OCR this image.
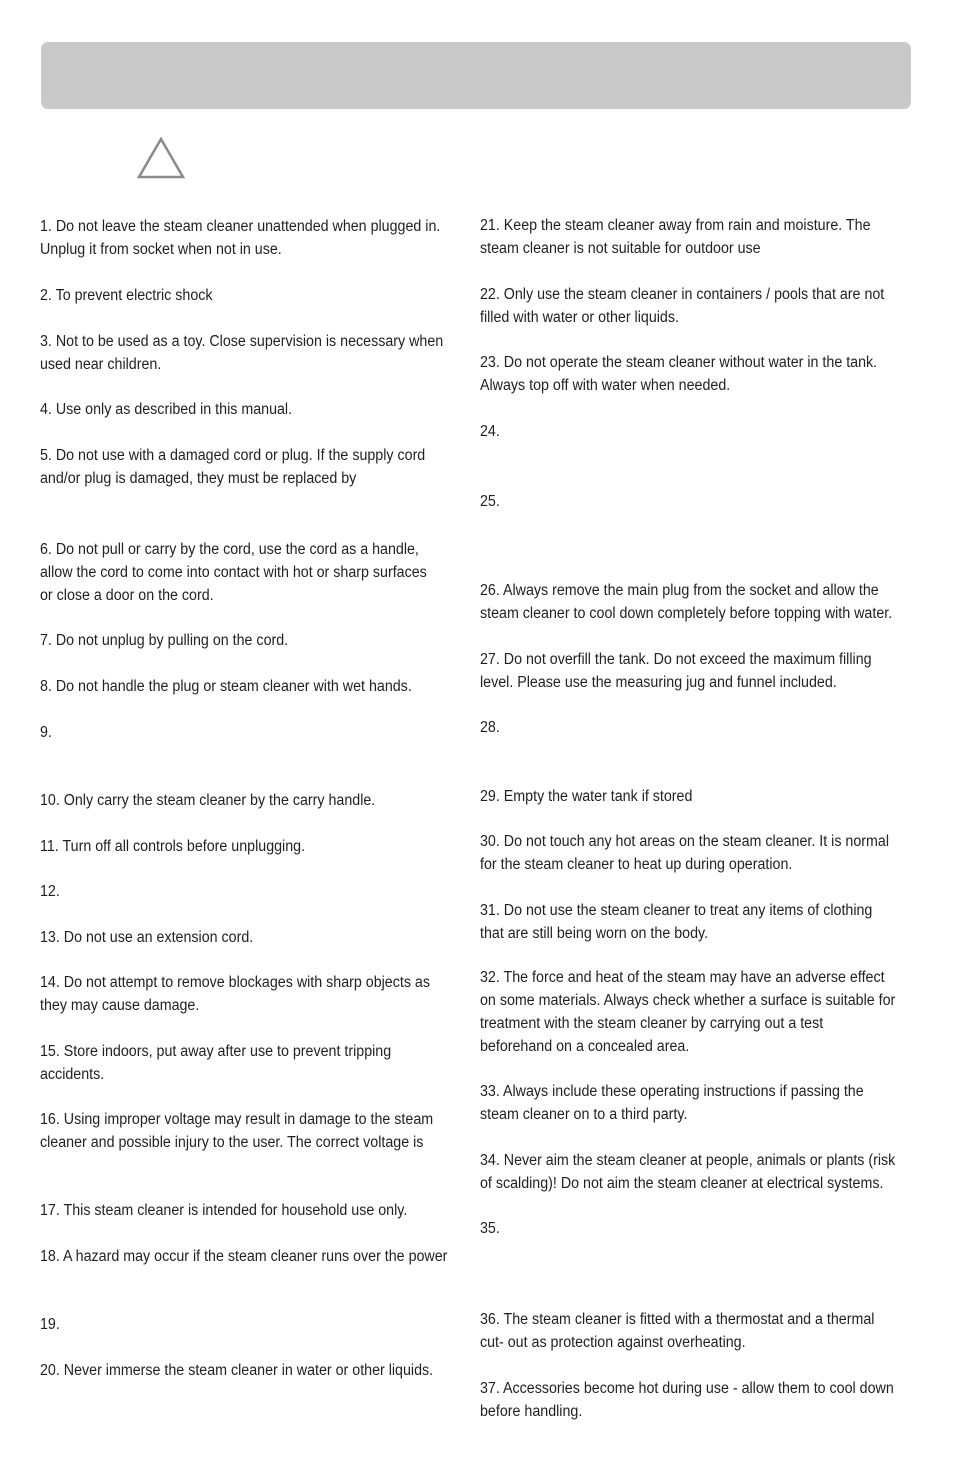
1. Do not leave the steam cleaner unattended when plugged in.
Unplug it from socket when not in use.
2. To prevent electric shock
3. Not to be used as a toy. Close supervision is necessary when
used near children.
4. Use only as described in this manual.
5. Do not use with a damaged cord or plug. If the supply cord
and/or plug is damaged, they must be replaced by
6. Do not pull or carry by the cord, use the cord as a handle,
allow the cord to come into contact with hot or sharp surfaces
or close a door on the cord.
7. Do not unplug by pulling on the cord.
8. Do not handle the plug or steam cleaner with wet hands.
9.
10. Only carry the steam cleaner by the carry handle.
11. Turn off all controls before unplugging.
12.
13. Do not use an extension cord.
14. Do not attempt to remove blockages with sharp objects as
they may cause damage.
15. Store indoors, put away after use to prevent tripping
accidents.
16. Using improper voltage may result in damage to the steam
cleaner and possible injury to the user. The correct voltage is
17. This steam cleaner is intended for household use only.
18. A hazard may occur if the steam cleaner runs over the power
19.
20. Never immerse the steam cleaner in water or other liquids.
21. Keep the steam cleaner away from rain and moisture. The
steam cleaner is not suitable for outdoor use
22. Only use the steam cleaner in containers / pools that are not
filled with water or other liquids.
23. Do not operate the steam cleaner without water in the tank.
Always top off with water when needed.
24.
25.
26. Always remove the main plug from the socket and allow the
steam cleaner to cool down completely before topping with water.
27. Do not overfill the tank. Do not exceed the maximum filling
level. Please use the measuring jug and funnel included.
28.
29. Empty the water tank if stored
30. Do not touch any hot areas on the steam cleaner. It is normal
for the steam cleaner to heat up during operation.
31. Do not use the steam cleaner to treat any items of clothing
that are still being worn on the body.
32. The force and heat of the steam may have an adverse effect
on some materials. Always check whether a surface is suitable for
treatment with the steam cleaner by carrying out a test
beforehand on a concealed area.
33. Always include these operating instructions if passing the
steam cleaner on to a third party.
34. Never aim the steam cleaner at people, animals or plants (risk
of scalding)! Do not aim the steam cleaner at electrical systems.
35.
36. The steam cleaner is fitted with a thermostat and a thermal
cut- out as protection against overheating.
37. Accessories become hot during use - allow them to cool down
before handling.
